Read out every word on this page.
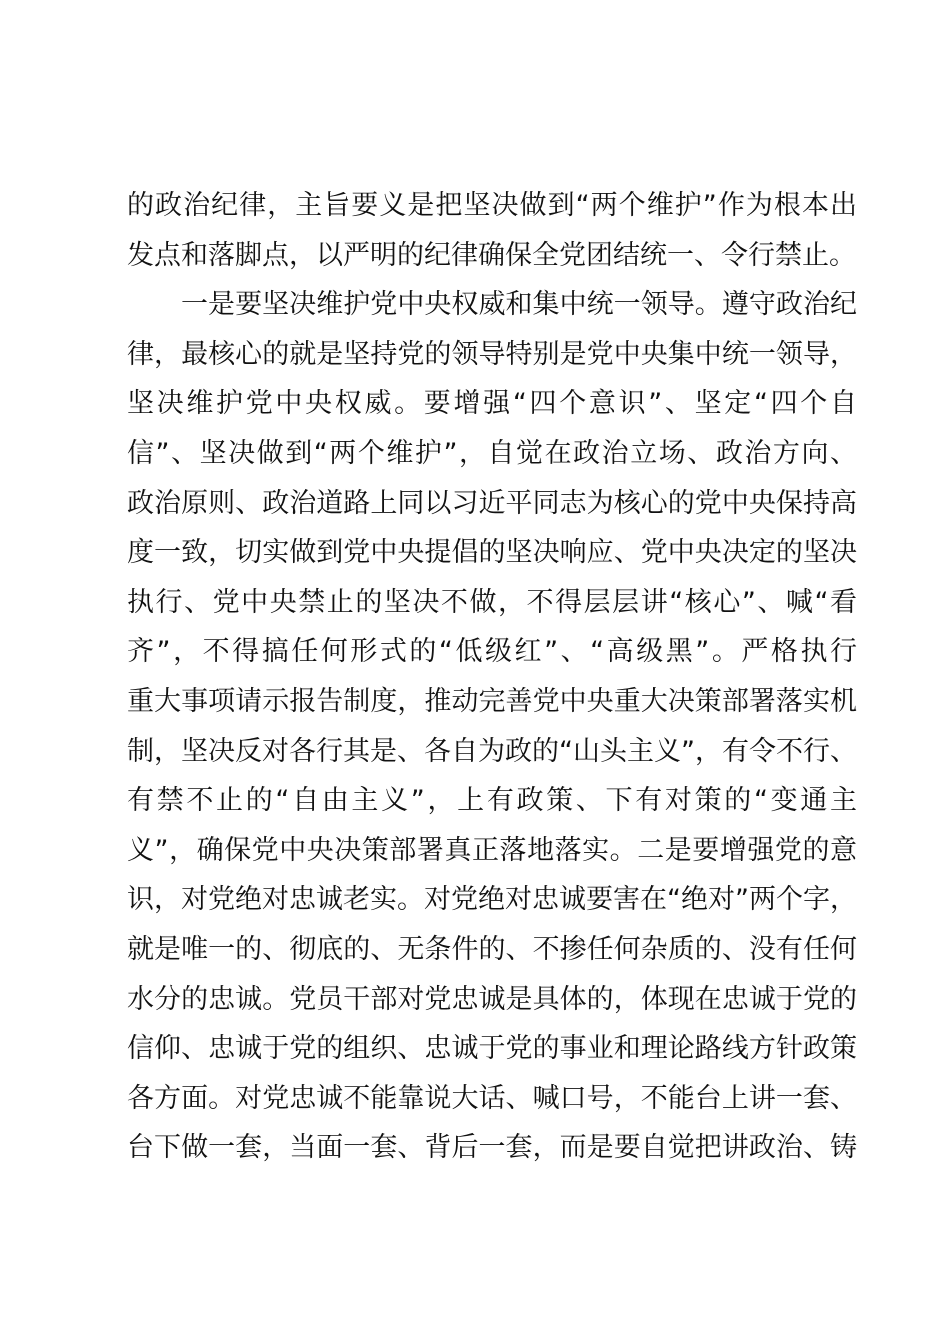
的政治纪律，主旨要义是把坚决做到“两个维护”作为根本出
发点和落脚点，以严明的纪律确保全党团结统一、令行禁止。
一是要坚决维护党中央权威和集中统一领导。遵守政治纪
律，最核心的就是坚持党的领导特别是党中央集中统一领导，
坚决维护党中央权威。要增强“四个意识”、坚定“四个自
信”、坚决做到“两个维护”，自觉在政治立场、政治方向、
政治原则、政治道路上同以习近平同志为核心的党中央保持高
度一致，切实做到党中央提倡的坚决响应、党中央决定的坚决
执行、党中央禁止的坚决不做，不得层层讲“核心”、喊“看
齐”，不得搞任何形式的“低级红”、“高级黑”。严格执行
重大事项请示报告制度，推动完善党中央重大决策部署落实机
制，坚决反对各行其是、各自为政的“山头主义”，有令不行、
有禁不止的“自由主义”，上有政策、下有对策的“变通主
义”，确保党中央决策部署真正落地落实。二是要增强党的意
识，对党绝对忠诚老实。对党绝对忠诚要害在“绝对”两个字，
就是唯一的、彻底的、无条件的、不掺任何杂质的、没有任何
水分的忠诚。党员干部对党忠诚是具体的，体现在忠诚于党的
信仰、忠诚于党的组织、忠诚于党的事业和理论路线方针政策
各方面。对党忠诚不能靠说大话、喊口号，不能台上讲一套、
台下做一套，当面一套、背后一套，而是要自觉把讲政治、铸
